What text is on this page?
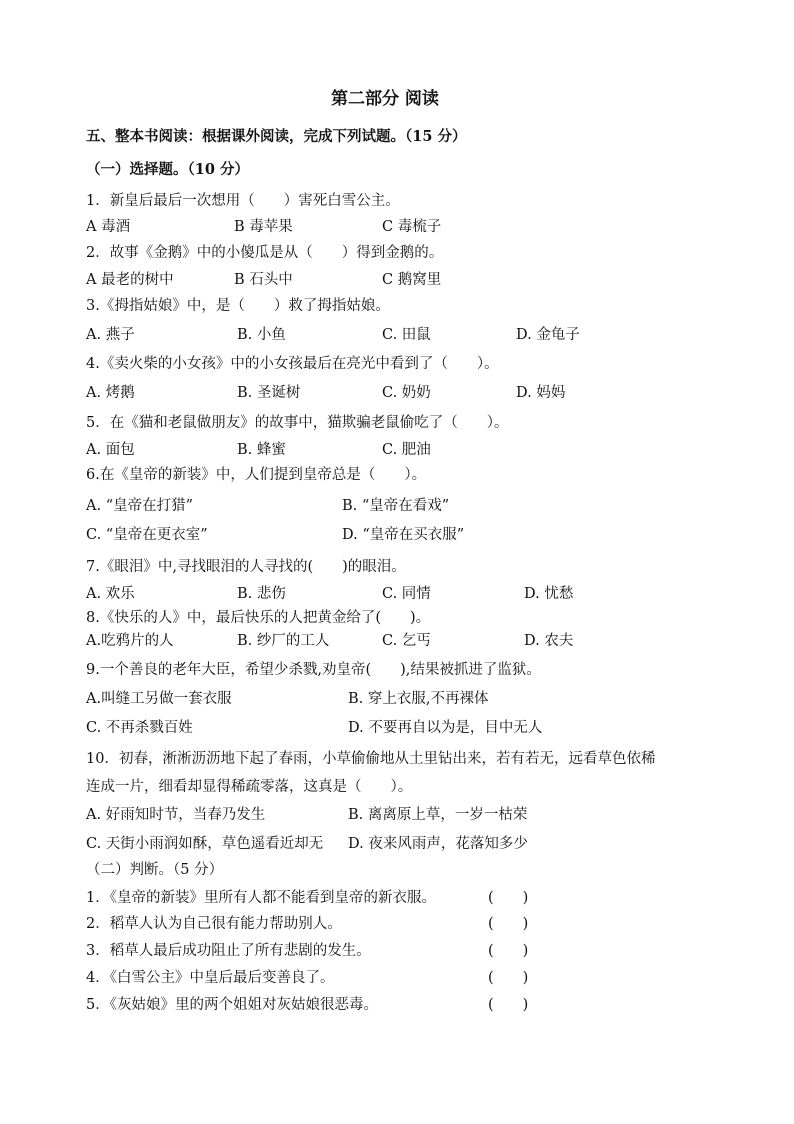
第二部分 阅读
五、整本书阅读：根据课外阅读，完成下列试题。（15 分）
（一）选择题。（10 分）
1．新皇后最后一次想用（　　）害死白雪公主。
A 毒酒	B 毒苹果	C 毒梳子
2．故事《金鹅》中的小傻瓜是从（　　）得到金鹅的。
A 最老的树中	B 石头中	C 鹅窝里
3.《拇指姑娘》中，是（　　）救了拇指姑娘。
A. 燕子	B. 小鱼	C. 田鼠	D. 金龟子
4.《卖火柴的小女孩》中的小女孩最后在亮光中看到了（　　）。
A. 烤鹅	B. 圣诞树	C. 奶奶	D. 妈妈
5．在《猫和老鼠做朋友》的故事中，猫欺骗老鼠偷吃了（　　）。
A. 面包	B. 蜂蜜	C. 肥油
6.在《皇帝的新装》中，人们提到皇帝总是（　　）。
A. “皇帝在打猎”	B. “皇帝在看戏”
C. “皇帝在更衣室”	D. “皇帝在买衣服”
7.《眼泪》中,寻找眼泪的人寻找的(　　)的眼泪。
A. 欢乐	B. 悲伤	C. 同情	D. 忧愁
8.《快乐的人》中，最后快乐的人把黄金给了(　　)。
A.吃鸦片的人	B. 纱厂的工人	C. 乞丐	D. 农夫
9.一个善良的老年大臣，希望少杀戮,劝皇帝(　　),结果被抓进了监狱。
A.叫缝工另做一套衣服	B. 穿上衣服,不再裸体
C. 不再杀戮百姓	D. 不要再自以为是，目中无人
10．初春，淅淅沥沥地下起了春雨，小草偷偷地从土里钻出来，若有若无，远看草色依稀
连成一片，细看却显得稀疏零落，这真是（　　）。
A. 好雨知时节，当春乃发生	B. 离离原上草，一岁一枯荣
C. 天街小雨润如酥，草色遥看近却无 D. 夜来风雨声，花落知多少
（二）判断。（5 分）
1．《皇帝的新装》里所有人都不能看到皇帝的新衣服。	(　　)
2．稻草人认为自己很有能力帮助别人。	(　　)
3．稻草人最后成功阻止了所有悲剧的发生。	(　　)
4．《白雪公主》中皇后最后变善良了。	(　　)
5．《灰姑娘》里的两个姐姐对灰姑娘很恶毒。	(　　)
